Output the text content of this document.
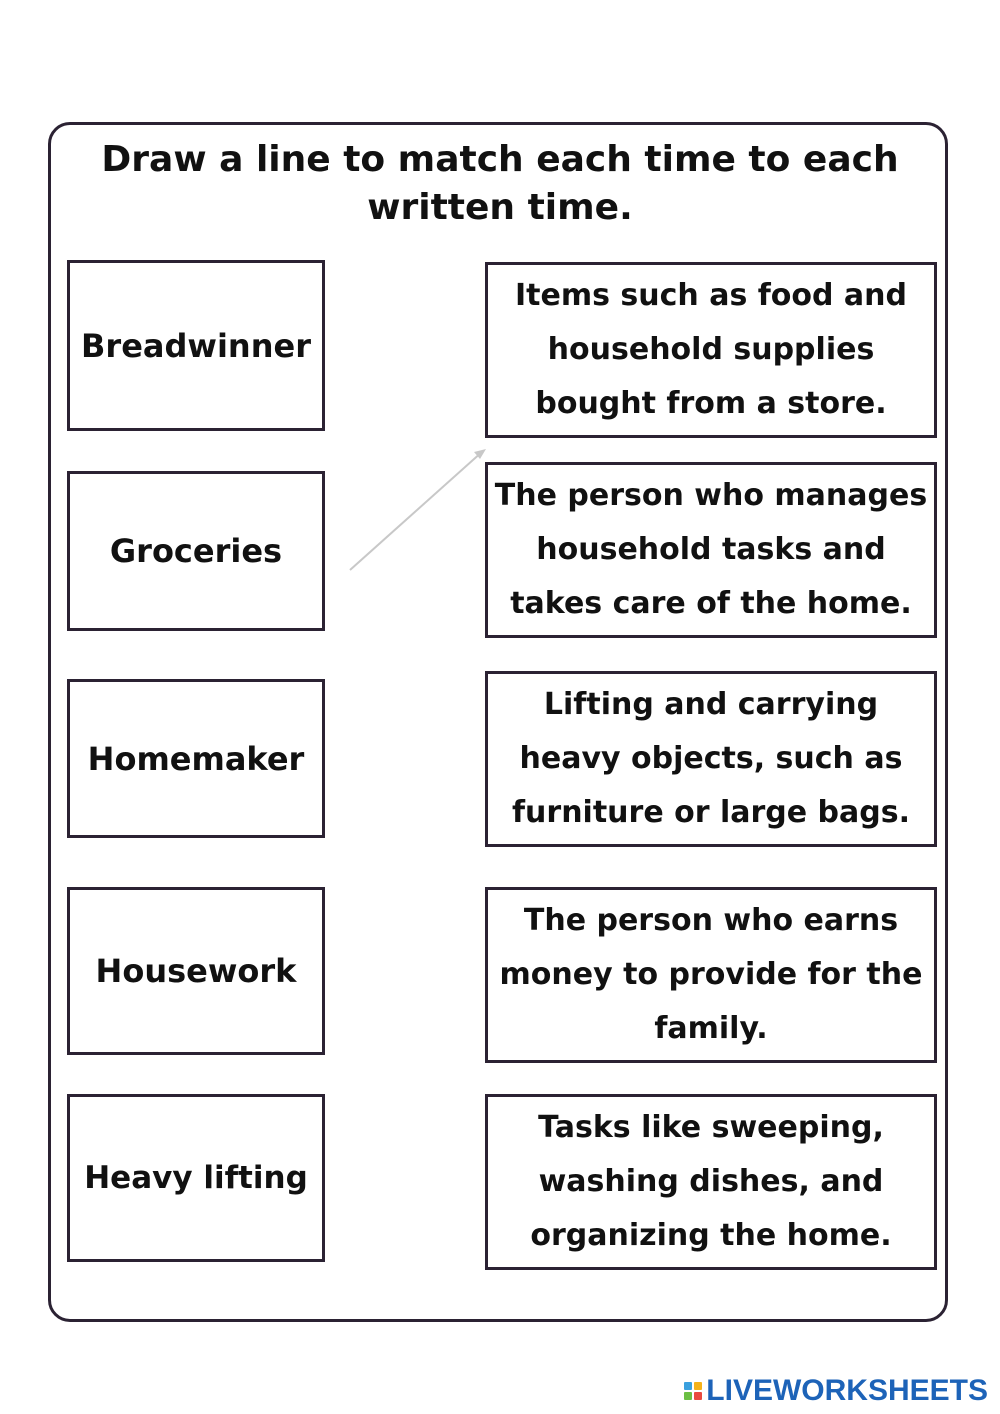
Draw a line to match each time to each written time.
Breadwinner
Groceries
Homemaker
Housework
Heavy lifting
Items such as food and household supplies bought from a store.
The person who manages household tasks and takes care of the home.
Lifting and carrying heavy objects, such as furniture or large bags.
The person who earns money to provide for the family.
Tasks like sweeping, washing dishes, and organizing the home.
LIVEWORKSHEETS
